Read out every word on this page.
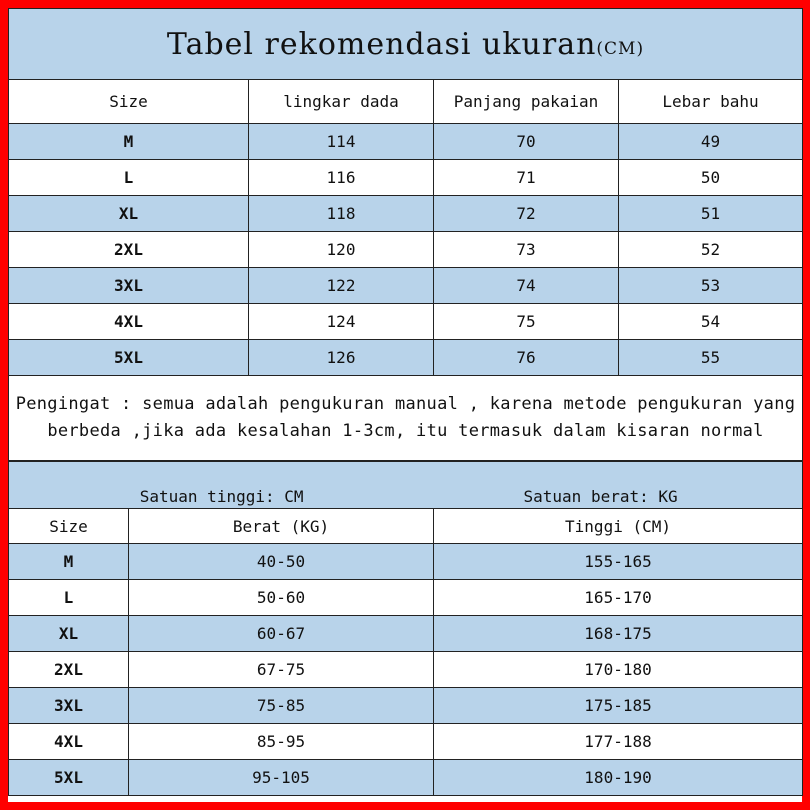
Tabel rekomendasi ukuran(CM)			
Size	lingkar dada	Panjang pakaian	Lebar bahu
M	114	70	49
L	116	71	50
XL	118	72	51
2XL	120	73	52
3XL	122	74	53
4XL	124	75	54
5XL	126	76	55
Pengingat : semua adalah pengukuran manual , karena metode pengukuran yang berbeda ,jika ada kesalahan 1-3cm, itu termasuk dalam kisaran normal			
Satuan tinggi: CM		Satuan berat: KG
Size	Berat (KG)	Tinggi (CM)
M	40-50	155-165
L	50-60	165-170
XL	60-67	168-175
2XL	67-75	170-180
3XL	75-85	175-185
4XL	85-95	177-188
5XL	95-105	180-190
